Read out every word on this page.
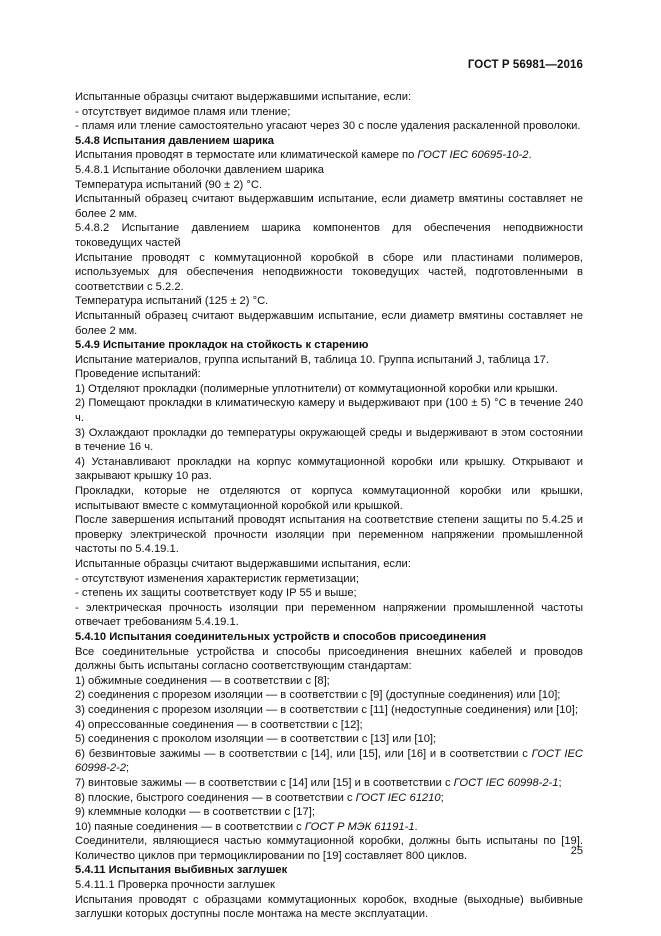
ГОСТ Р 56981—2016

Испытанные образцы считают выдержавшими испытание, если:

- отсутствует видимое пламя или тление;

- пламя или тление самостоятельно угасают через 30 с после удаления раскаленной проволоки.

5.4.8 Испытания давлением шарика

Испытания проводят в термостате или климатической камере по ГОСТ IEC 60695-10-2.

5.4.8.1 Испытание оболочки давлением шарика

Температура испытаний (90 ± 2) °С.

Испытанный образец считают выдержавшим испытание, если диаметр вмятины составляет не более 2 мм.

5.4.8.2 Испытание давлением шарика компонентов для обеспечения неподвижности токоведущих частей

Испытание проводят с коммутационной коробкой в сборе или пластинами полимеров, используемых для обеспечения неподвижности токоведущих частей, подготовленными в соответствии с 5.2.2.

Температура испытаний (125 ± 2) °С.

Испытанный образец считают выдержавшим испытание, если диаметр вмятины составляет не более 2 мм.

5.4.9 Испытание прокладок на стойкость к старению

Испытание материалов, группа испытаний В, таблица 10. Группа испытаний J, таблица 17.

Проведение испытаний:

1) Отделяют прокладки (полимерные уплотнители) от коммутационной коробки или крышки.

2) Помещают прокладки в климатическую камеру и выдерживают при (100 ± 5) °С в течение 240 ч.

3) Охлаждают прокладки до температуры окружающей среды и выдерживают в этом состоянии в течение 16 ч.

4) Устанавливают прокладки на корпус коммутационной коробки или крышку. Открывают и закрывают крышку 10 раз.

Прокладки, которые не отделяются от корпуса коммутационной коробки или крышки, испытывают вместе с коммутационной коробкой или крышкой.

После завершения испытаний проводят испытания на соответствие степени защиты по 5.4.25 и проверку электрической прочности изоляции при переменном напряжении промышленной частоты по 5.4.19.1.

Испытанные образцы считают выдержавшими испытания, если:

- отсутствуют изменения характеристик герметизации;

- степень их защиты соответствует коду IP 55 и выше;

- электрическая прочность изоляции при переменном напряжении промышленной частоты отвечает требованиям 5.4.19.1.

5.4.10 Испытания соединительных устройств и способов присоединения

Все соединительные устройства и способы присоединения внешних кабелей и проводов должны быть испытаны согласно соответствующим стандартам:

1) обжимные соединения — в соответствии с [8];

2) соединения с прорезом изоляции — в соответствии с [9] (доступные соединения) или [10];

3) соединения с прорезом изоляции — в соответствии с [11] (недоступные соединения) или [10];

4) опрессованные соединения — в соответствии с [12];

5) соединения с проколом изоляции — в соответствии с [13] или [10];

6) безвинтовые зажимы — в соответствии с [14], или [15], или [16] и в соответствии с ГОСТ IEC 60998-2-2;

7) винтовые зажимы — в соответствии с [14] или [15] и в соответствии с ГОСТ IEC 60998-2-1;

8) плоские, быстрого соединения — в соответствии с ГОСТ IEC 61210;

9) клеммные колодки — в соответствии с [17];

10) паяные соединения — в соответствии с ГОСТ Р МЭК 61191-1.

Соединители, являющиеся частью коммутационной коробки, должны быть испытаны по [19]. Количество циклов при термоциклировании по [19] составляет 800 циклов.

5.4.11 Испытания выбивных заглушек

5.4.11.1 Проверка прочности заглушек

Испытания проводят с образцами коммутационных коробок, входные (выходные) выбивные заглушки которых доступны после монтажа на месте эксплуатации.

25
